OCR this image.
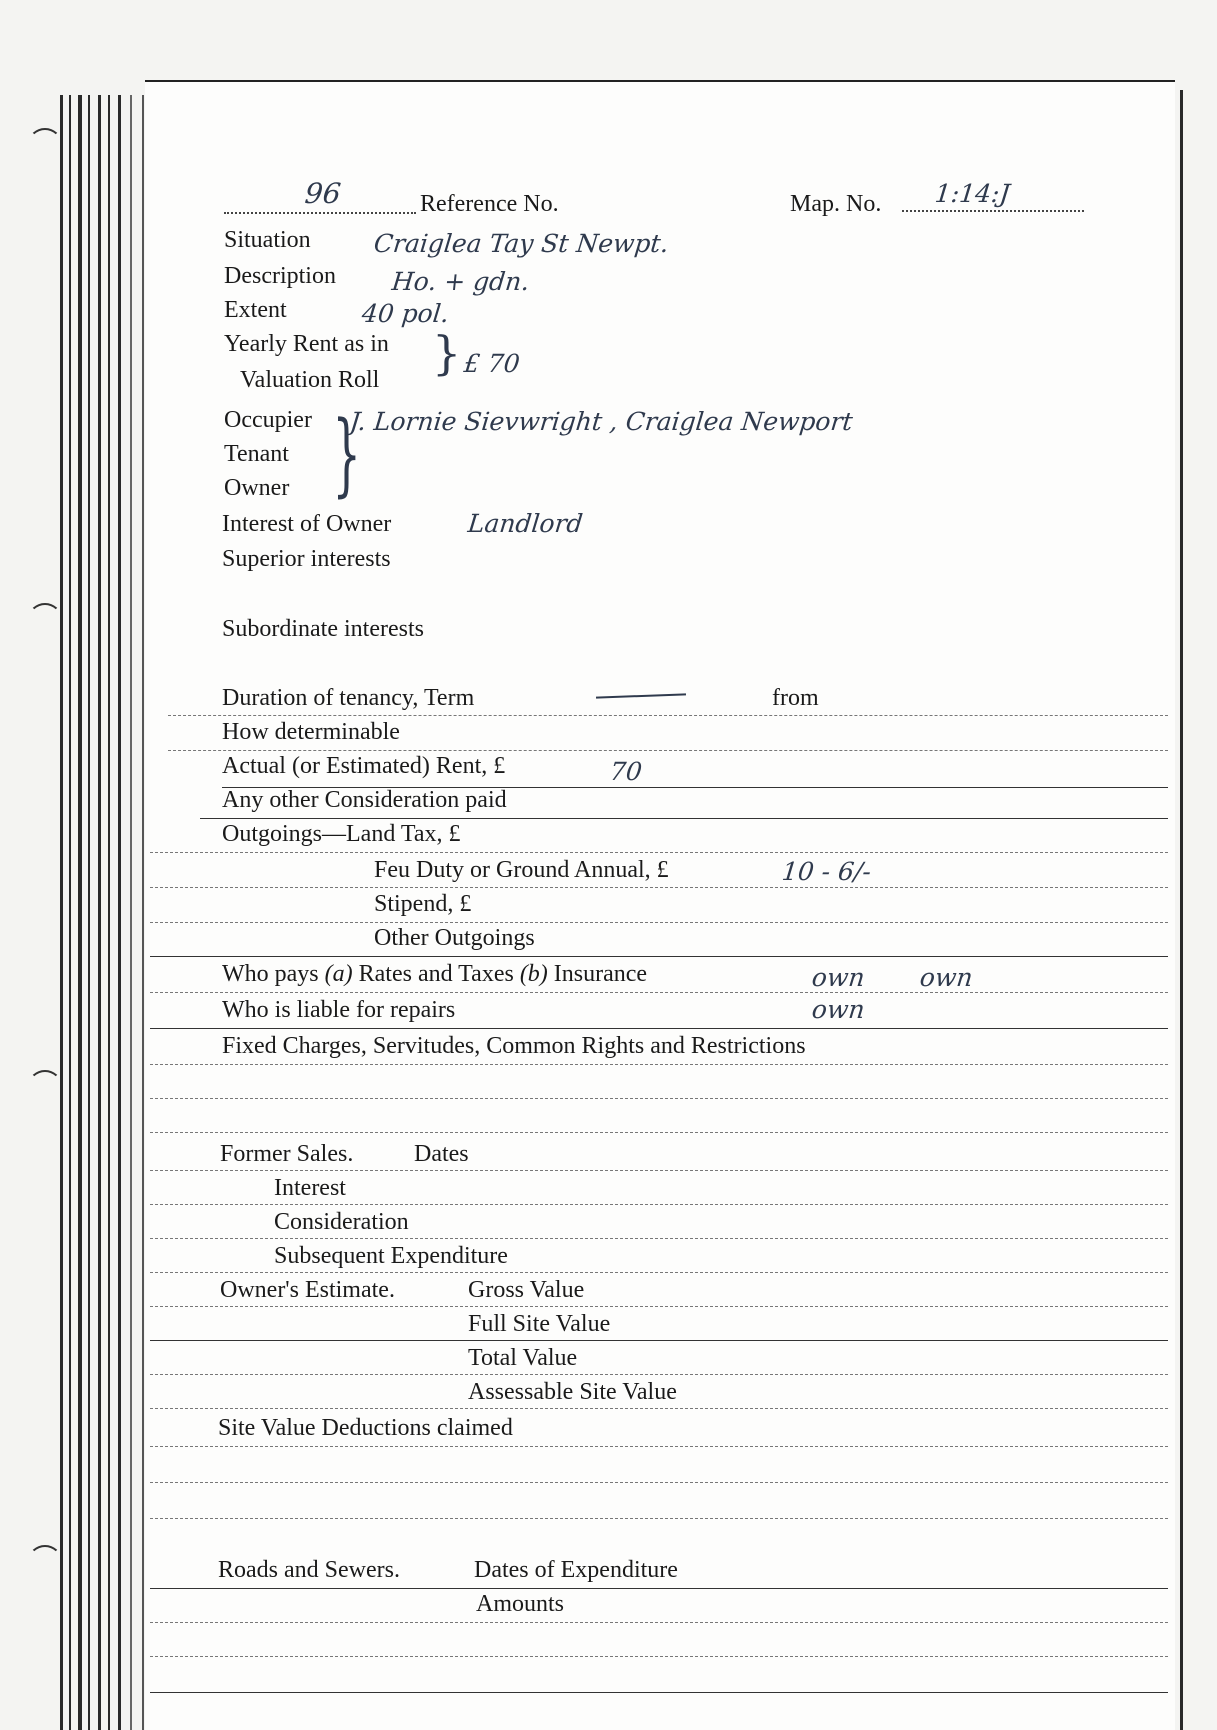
96	Reference No.	Map. No. 1:14:J
Situation Craiglea Tay St Newpt.
Description Ho. + gdn.
Extent	40 pol.
Yearly Rent as in
Valuation Roll } £ 70
Occupier
Tenant
Owner }
J. Lornie Sievwright , Craiglea Newport
Interest of Owner	Landlord
Superior interests
Subordinate interests
Duration of tenancy, Term	from
How determinable
Actual (or Estimated) Rent, £	70
Any other Consideration paid
Outgoings—Land Tax, £
Feu Duty or Ground Annual, £	10 - 6/-
Stipend, £
Other Outgoings
Who pays (a) Rates and Taxes (b) Insurance	own own
Who is liable for repairs	own
Fixed Charges, Servitudes, Common Rights and Restrictions
Former Sales.	Dates
Interest
Consideration
Subsequent Expenditure
Owner's Estimate.	Gross Value
Full Site Value
Total Value
Assessable Site Value
Site Value Deductions claimed
Roads and Sewers.	Dates of Expenditure
Amounts
